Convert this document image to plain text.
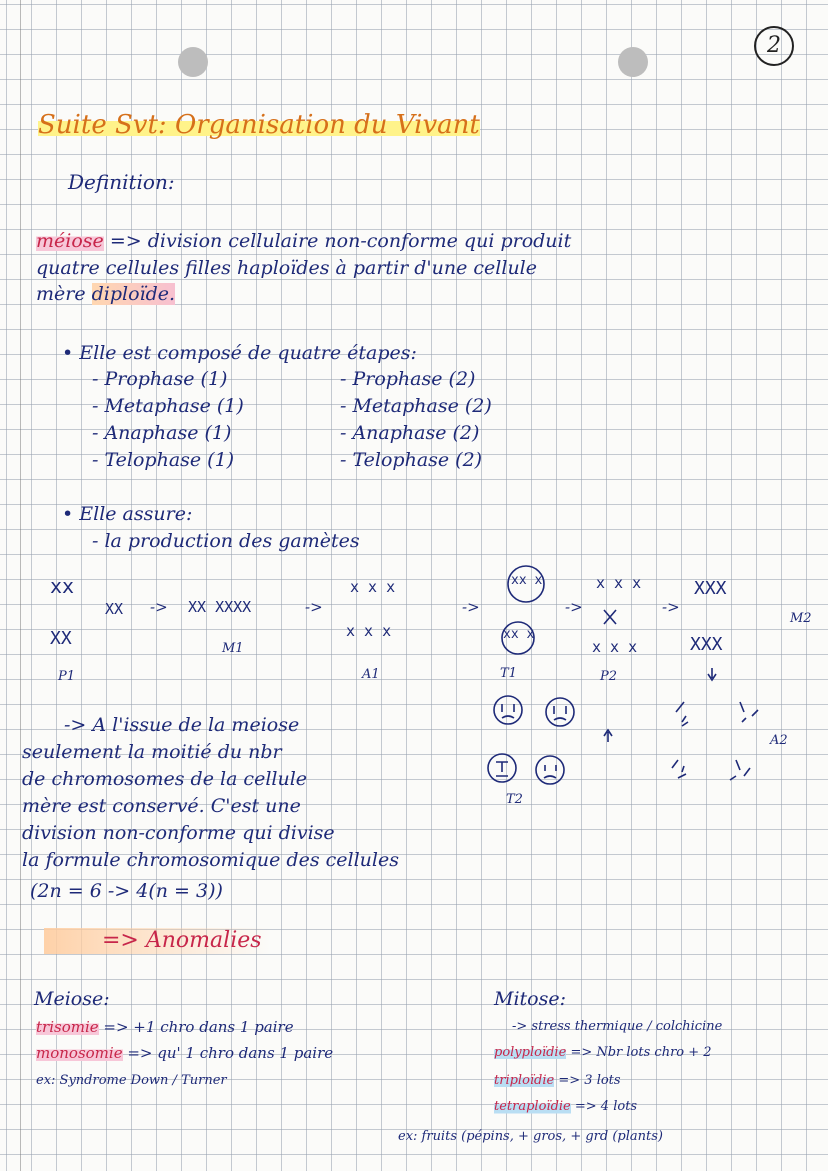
2
Suite Svt: Organisation du Vivant
Definition:
méiose => division cellulaire non-conforme qui produit
quatre cellules filles haploïdes à partir d'une cellule
mère diploïde.
• Elle est composé de quatre étapes:
- Prophase (1)
- Metaphase (1)
- Anaphase (1)
- Telophase (1)
- Prophase (2)
- Metaphase (2)
- Anaphase (2)
- Telophase (2)
• Elle assure:
- la production des gamètes
xx
XX
P1
XX -> XX XXXX	->
M1
x x x
x x x
A1
->
xx x
xx x
T1
->
x x x
x x x
P2
->
XXX
XXX
M2
A2
T2
-> A l'issue de la meiose
seulement la moitié du nbr
de chromosomes de la cellule
mère est conservé. C'est une
division non-conforme qui divise
la formule chromosomique des cellules
(2n = 6 -> 4(n = 3))
=> Anomalies
Meiose:
trisomie => +1 chro dans 1 paire
monosomie => qu' 1 chro dans 1 paire
ex: Syndrome Down / Turner
Mitose:
-> stress thermique / colchicine
polyploïdie => Nbr lots chro + 2
triploïdie => 3 lots
tetraploïdie => 4 lots
ex: fruits (pépins, + gros, + grd (plants)
